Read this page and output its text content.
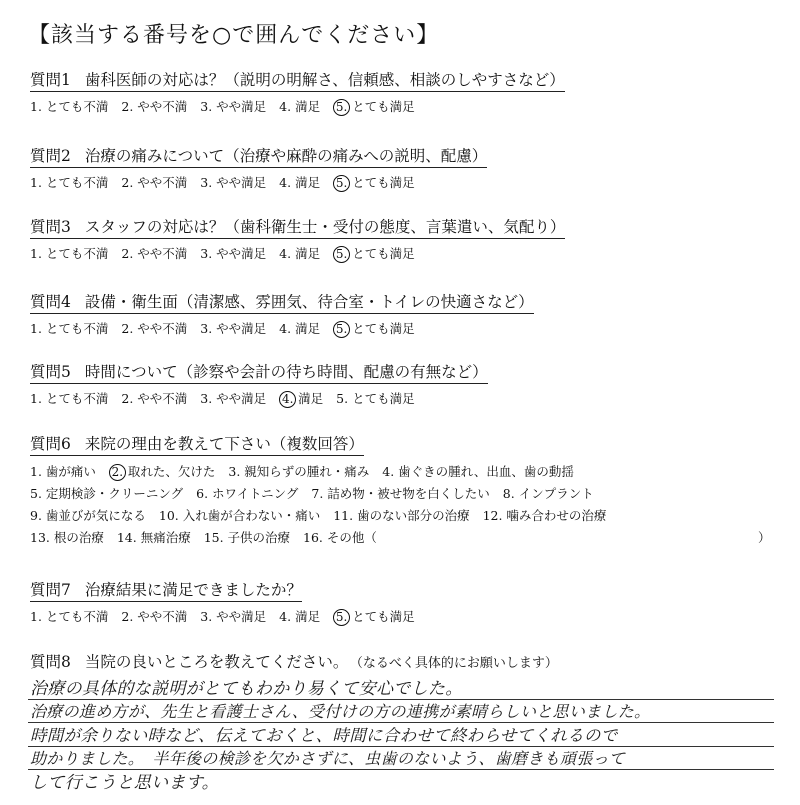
【該当する番号を○で囲んでください】
質問1 歯科医師の対応は？（説明の明解さ、信頼感、相談のしやすさなど）
1. とても不満 2. やや不満 3. やや満足 4. 満足 5. とても満足
質問2 治療の痛みについて（治療や麻酔の痛みへの説明、配慮）
1. とても不満 2. やや不満 3. やや満足 4. 満足 5. とても満足
質問3 スタッフの対応は？（歯科衛生士・受付の態度、言葉遣い、気配り）
1. とても不満 2. やや不満 3. やや満足 4. 満足 5. とても満足
質問4 設備・衛生面（清潔感、雰囲気、待合室・トイレの快適さなど）
1. とても不満 2. やや不満 3. やや満足 4. 満足 5. とても満足
質問5 時間について（診察や会計の待ち時間、配慮の有無など）
1. とても不満 2. やや不満 3. やや満足 4. 満足 5. とても満足
質問6 来院の理由を教えて下さい（複数回答）
1. 歯が痛い 2. 取れた、欠けた 3. 親知らずの腫れ・痛み 4. 歯ぐきの腫れ、出血、歯の動揺
5. 定期検診・クリーニング 6. ホワイトニング 7. 詰め物・被せ物を白くしたい 8. インプラント
9. 歯並びが気になる 10. 入れ歯が合わない・痛い 11. 歯のない部分の治療 12. 噛み合わせの治療
13. 根の治療 14. 無痛治療 15. 子供の治療 16. その他（	）
質問7 治療結果に満足できましたか？
1. とても不満 2. やや不満 3. やや満足 4. 満足 5. とても満足
質問8 当院の良いところを教えてください。 （なるべく具体的にお願いします）
治療の具体的な説明がとてもわかり易くて安心でした。
治療の進め方が、先生と看護士さん、受付けの方の連携が素晴らしいと思いました。
時間が余りない時など、伝えておくと、時間に合わせて終わらせてくれるので
助かりました。　半年後の検診を欠かさずに、虫歯のないよう、歯磨きも頑張って
して行こうと思います。
